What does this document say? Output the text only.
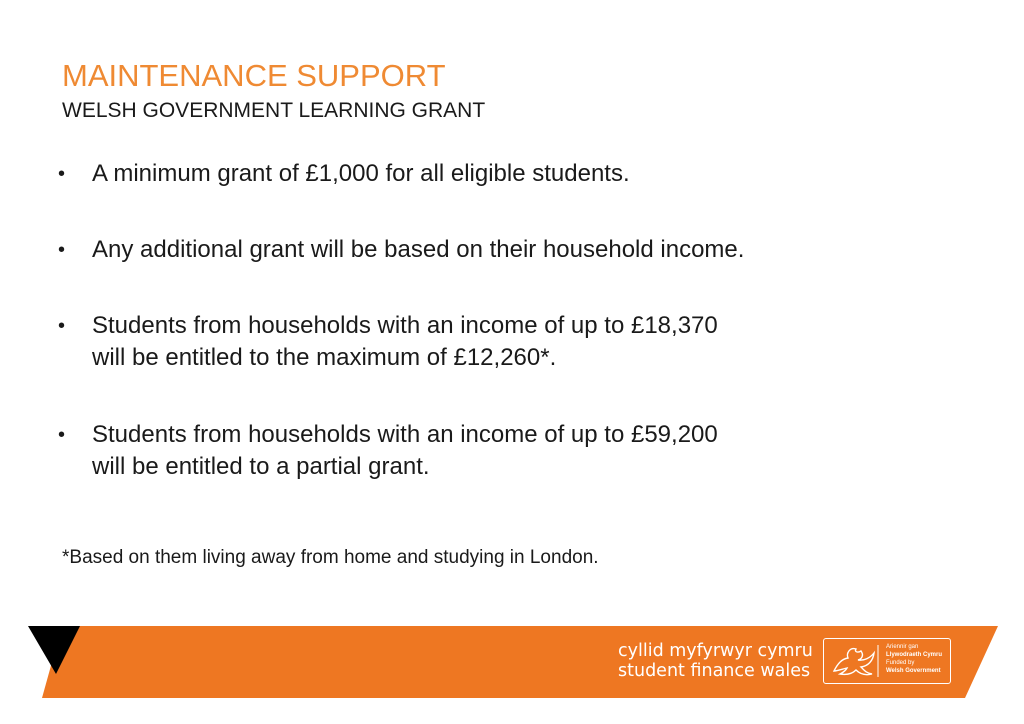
MAINTENANCE SUPPORT
WELSH GOVERNMENT LEARNING GRANT
• A minimum grant of £1,000 for all eligible students.
• Any additional grant will be based on their household income.
• Students from households with an income of up to £18,370
will be entitled to the maximum of £12,260*.
• Students from households with an income of up to £59,200
will be entitled to a partial grant.
*Based on them living away from home and studying in London.
cyllid myfyrwyr cymru
student finance wales
Ariennir gan
Llywodraeth Cymru
Funded by
Welsh Government
